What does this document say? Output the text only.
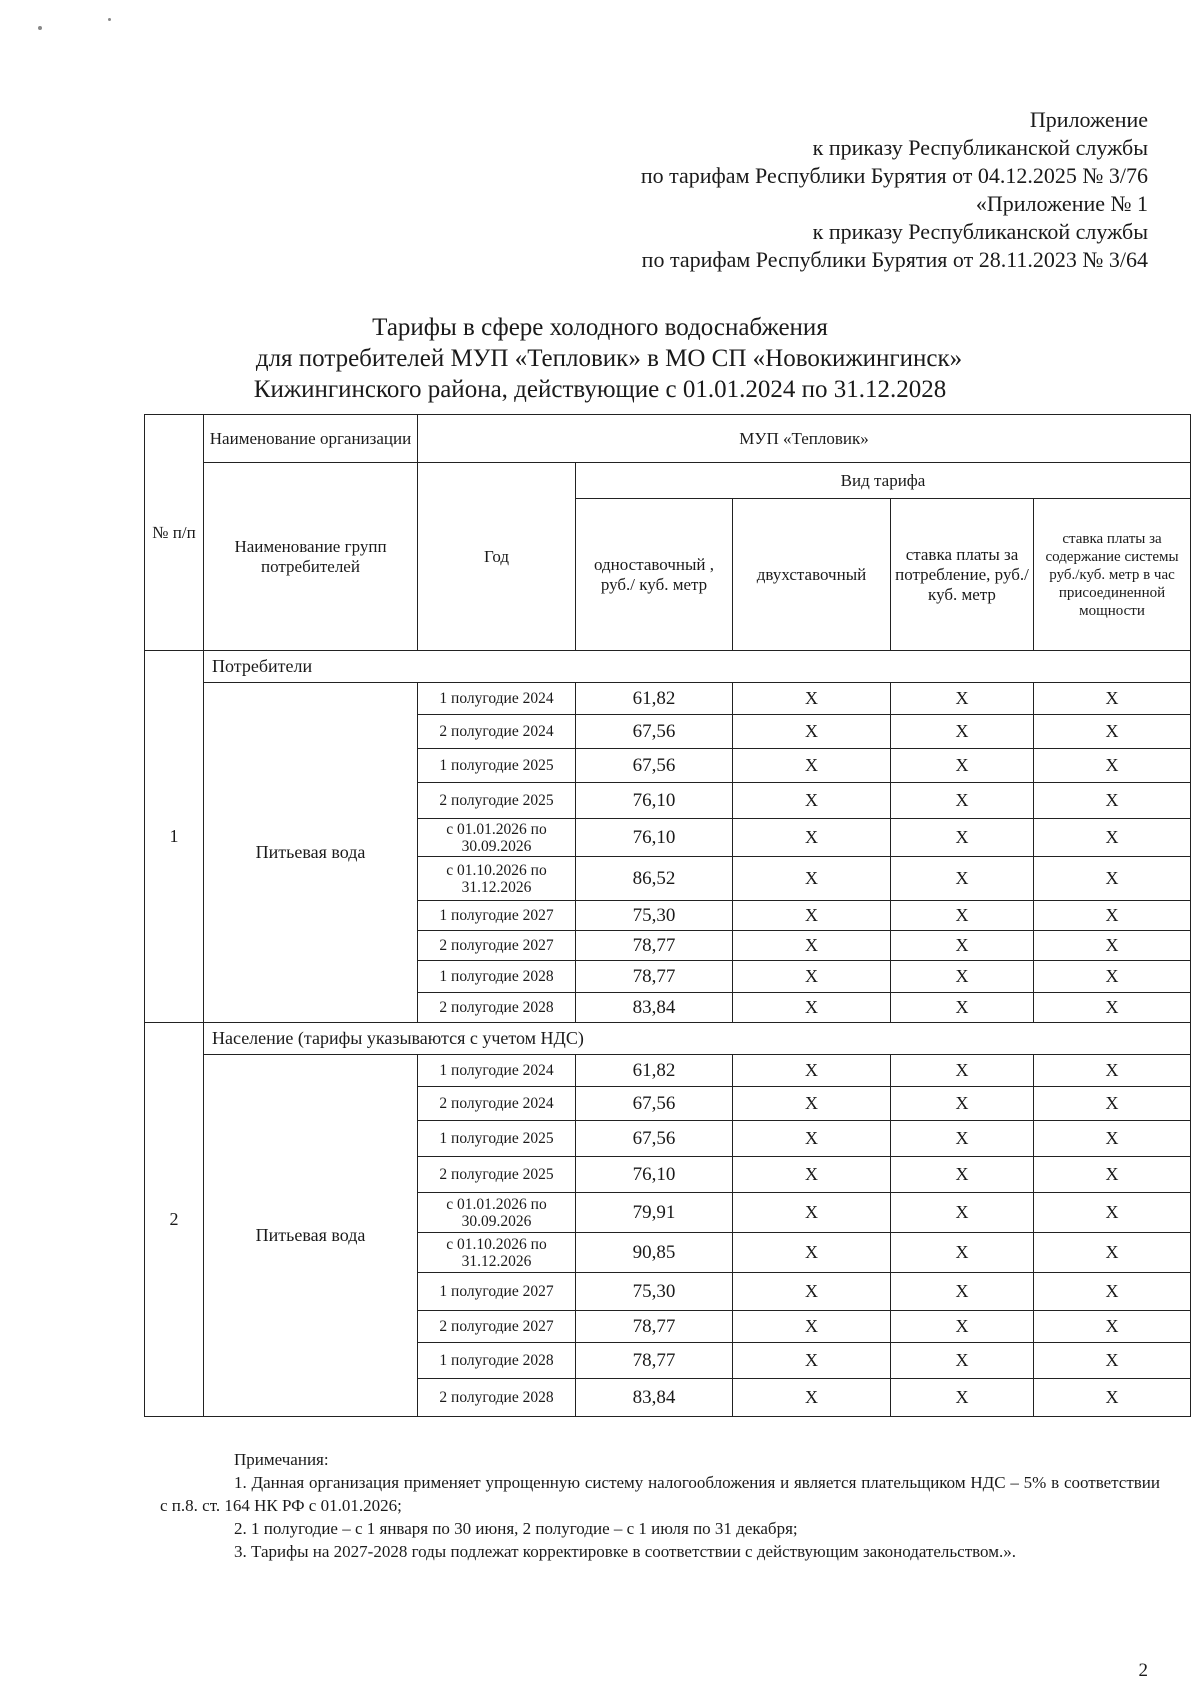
Приложение
к приказу Республиканской службы
по тарифам Республики Бурятия от 04.12.2025 № 3/76
«Приложение № 1
к приказу Республиканской службы
по тарифам Республики Бурятия от 28.11.2023 № 3/64
Тарифы в сфере холодного водоснабжения
для потребителей МУП «Тепловик» в МО СП «Новокижингинск»
Кижингинского района, действующие с 01.01.2024 по 31.12.2028
№ п/п	Наименование организации	МУП «Тепловик»				
	Наименование групп потребителей	Год	Вид тарифа			
			одноставочный , руб./ куб. метр	двухставочный	ставка платы за потребление, руб./ куб. метр	ставка платы за содержание системы руб./куб. метр в час присоединенной мощности
1	Потребители					
	Питьевая вода	1 полугодие 2024	61,82	X	X	X
		2 полугодие 2024	67,56	X	X	X
		1 полугодие 2025	67,56	X	X	X
		2 полугодие 2025	76,10	X	X	X
		с 01.01.2026 по 30.09.2026	76,10	X	X	X
		с 01.10.2026 по 31.12.2026	86,52	X	X	X
		1 полугодие 2027	75,30	X	X	X
		2 полугодие 2027	78,77	X	X	X
		1 полугодие 2028	78,77	X	X	X
		2 полугодие 2028	83,84	X	X	X
2	Население (тарифы указываются с учетом НДС)					
	Питьевая вода	1 полугодие 2024	61,82	X	X	X
		2 полугодие 2024	67,56	X	X	X
		1 полугодие 2025	67,56	X	X	X
		2 полугодие 2025	76,10	X	X	X
		с 01.01.2026 по 30.09.2026	79,91	X	X	X
		с 01.10.2026 по 31.12.2026	90,85	X	X	X
		1 полугодие 2027	75,30	X	X	X
		2 полугодие 2027	78,77	X	X	X
		1 полугодие 2028	78,77	X	X	X
		2 полугодие 2028	83,84	X	X	X
Примечания:
1. Данная организация применяет упрощенную систему налогообложения и является плательщиком НДС – 5% в соответствии с п.8. ст. 164 НК РФ с 01.01.2026;
2. 1 полугодие – с 1 января по 30 июня, 2 полугодие – с 1 июля по 31 декабря;
3. Тарифы на 2027-2028 годы подлежат корректировке в соответствии с действующим законодательством.».
2
